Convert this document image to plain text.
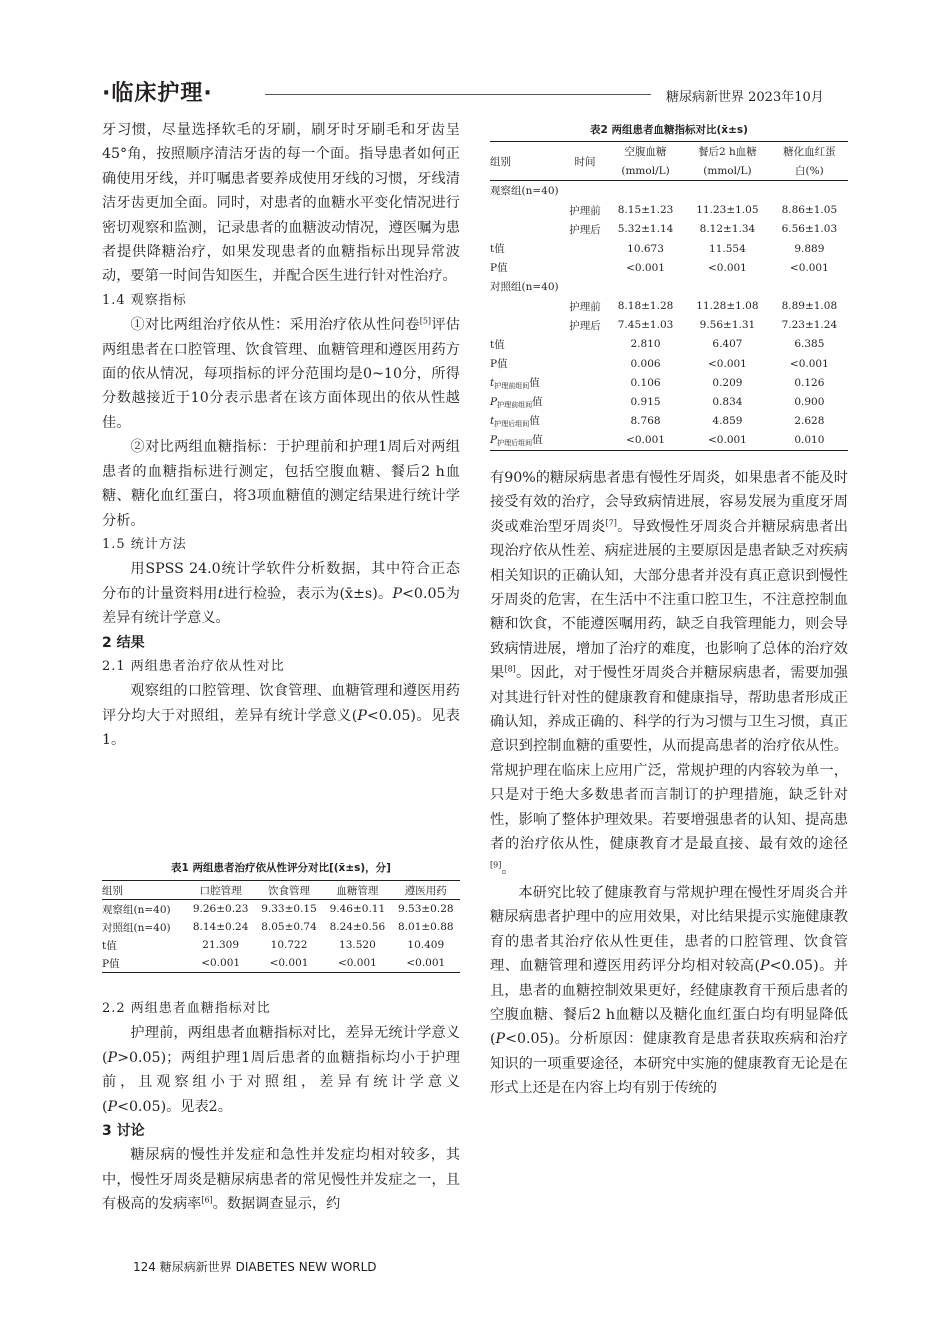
·临床护理·	糖尿病新世界 2023年10月

牙习惯，尽量选择软毛的牙刷，刷牙时牙刷毛和牙齿呈45°角，按照顺序清洁牙齿的每一个面。指导患者如何正确使用牙线，并叮嘱患者要养成使用牙线的习惯，牙线清洁牙齿更加全面。同时，对患者的血糖水平变化情况进行密切观察和监测，记录患者的血糖波动情况，遵医嘱为患者提供降糖治疗，如果发现患者的血糖指标出现异常波动，要第一时间告知医生，并配合医生进行针对性治疗。

1.4 观察指标

①对比两组治疗依从性：采用治疗依从性问卷[5]评估两组患者在口腔管理、饮食管理、血糖管理和遵医用药方面的依从情况，每项指标的评分范围均是0~10分，所得分数越接近于10分表示患者在该方面体现出的依从性越佳。

②对比两组血糖指标：于护理前和护理1周后对两组患者的血糖指标进行测定，包括空腹血糖、餐后2 h血糖、糖化血红蛋白，将3项血糖值的测定结果进行统计学分析。

1.5 统计方法

用SPSS 24.0统计学软件分析数据，其中符合正态分布的计量资料用t进行检验，表示为(x̄±s)。P<0.05为差异有统计学意义。

2 结果

2.1 两组患者治疗依从性对比

观察组的口腔管理、饮食管理、血糖管理和遵医用药评分均大于对照组，差异有统计学意义(P<0.05)。见表1。

表1 两组患者治疗依从性评分对比[(x̄±s)，分]
组别	口腔管理	饮食管理	血糖管理	遵医用药
观察组(n=40)	9.26±0.23	9.33±0.15	9.46±0.11	9.53±0.28
对照组(n=40)	8.14±0.24	8.05±0.74	8.24±0.56	8.01±0.88
t值	21.309	10.722	13.520	10.409
P值	<0.001	<0.001	<0.001	<0.001

2.2 两组患者血糖指标对比

护理前，两组患者血糖指标对比，差异无统计学意义(P>0.05)；两组护理1周后患者的血糖指标均小于护理前，且观察组小于对照组，差异有统计学意义(P<0.05)。见表2。

3 讨论

糖尿病的慢性并发症和急性并发症均相对较多，其中，慢性牙周炎是糖尿病患者的常见慢性并发症之一，且有极高的发病率[6]。数据调查显示，约

表2 两组患者血糖指标对比(x̄±s)
组别	时间	空腹血糖	餐后2 h血糖	糖化血红蛋
		(mmol/L)	(mmol/L)	白(%)
观察组(n=40)				
	护理前	8.15±1.23	11.23±1.05	8.86±1.05
	护理后	5.32±1.14	8.12±1.34	6.56±1.03
t值		10.673	11.554	9.889
P值		<0.001	<0.001	<0.001
对照组(n=40)				
	护理前	8.18±1.28	11.28±1.08	8.89±1.08
	护理后	7.45±1.03	9.56±1.31	7.23±1.24
t值		2.810	6.407	6.385
P值		0.006	<0.001	<0.001
$t_{护理前组间}$值		0.106	0.209	0.126
$P_{护理前组间}$值		0.915	0.834	0.900
$t_{护理后组间}$值		8.768	4.859	2.628
$P_{护理后组间}$值		<0.001	<0.001	0.010

有90%的糖尿病患者患有慢性牙周炎，如果患者不能及时接受有效的治疗，会导致病情进展，容易发展为重度牙周炎或难治型牙周炎[7]。导致慢性牙周炎合并糖尿病患者出现治疗依从性差、病症进展的主要原因是患者缺乏对疾病相关知识的正确认知，大部分患者并没有真正意识到慢性牙周炎的危害，在生活中不注重口腔卫生，不注意控制血糖和饮食，不能遵医嘱用药，缺乏自我管理能力，则会导致病情进展，增加了治疗的难度，也影响了总体的治疗效果[8]。因此，对于慢性牙周炎合并糖尿病患者，需要加强对其进行针对性的健康教育和健康指导，帮助患者形成正确认知，养成正确的、科学的行为习惯与卫生习惯，真正意识到控制血糖的重要性，从而提高患者的治疗依从性。常规护理在临床上应用广泛，常规护理的内容较为单一，只是对于绝大多数患者而言制订的护理措施，缺乏针对性，影响了整体护理效果。若要增强患者的认知、提高患者的治疗依从性，健康教育才是最直接、最有效的途径[9]。

本研究比较了健康教育与常规护理在慢性牙周炎合并糖尿病患者护理中的应用效果，对比结果提示实施健康教育的患者其治疗依从性更佳，患者的口腔管理、饮食管理、血糖管理和遵医用药评分均相对较高(P<0.05)。并且，患者的血糖控制效果更好，经健康教育干预后患者的空腹血糖、餐后2 h血糖以及糖化血红蛋白均有明显降低(P<0.05)。分析原因：健康教育是患者获取疾病和治疗知识的一项重要途径，本研究中实施的健康教育无论是在形式上还是在内容上均有别于传统的

124 糖尿病新世界 DIABETES NEW WORLD
